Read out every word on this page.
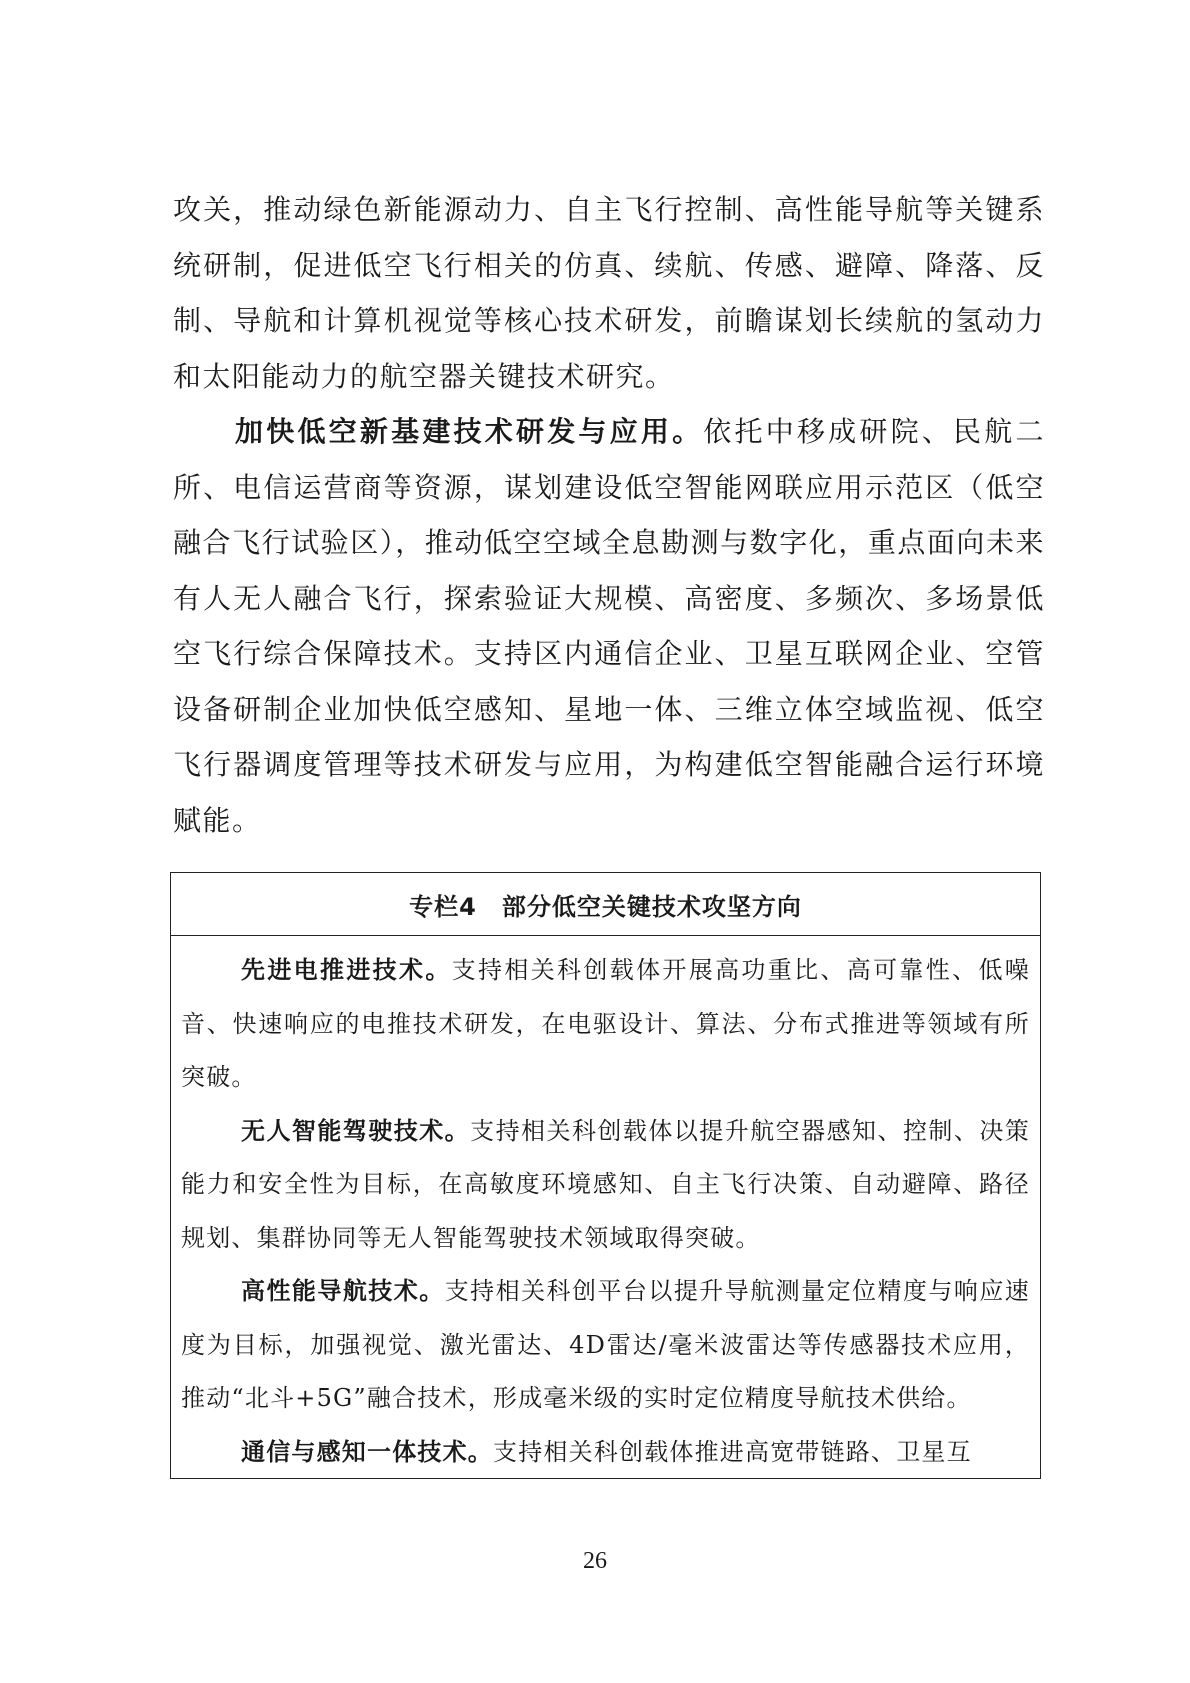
攻关，推动绿色新能源动力、自主飞行控制、高性能导航等关键系统研制，促进低空飞行相关的仿真、续航、传感、避障、降落、反制、导航和计算机视觉等核心技术研发，前瞻谋划长续航的氢动力和太阳能动力的航空器关键技术研究。

加快低空新基建技术研发与应用。依托中移成研院、民航二所、电信运营商等资源，谋划建设低空智能网联应用示范区（低空融合飞行试验区），推动低空空域全息勘测与数字化，重点面向未来有人无人融合飞行，探索验证大规模、高密度、多频次、多场景低空飞行综合保障技术。支持区内通信企业、卫星互联网企业、空管设备研制企业加快低空感知、星地一体、三维立体空域监视、低空飞行器调度管理等技术研发与应用，为构建低空智能融合运行环境赋能。

专栏4　部分低空关键技术攻坚方向

先进电推进技术。支持相关科创载体开展高功重比、高可靠性、低噪音、快速响应的电推技术研发，在电驱设计、算法、分布式推进等领域有所突破。

无人智能驾驶技术。支持相关科创载体以提升航空器感知、控制、决策能力和安全性为目标，在高敏度环境感知、自主飞行决策、自动避障、路径规划、集群协同等无人智能驾驶技术领域取得突破。

高性能导航技术。支持相关科创平台以提升导航测量定位精度与响应速度为目标，加强视觉、激光雷达、4D雷达/毫米波雷达等传感器技术应用，推动“北斗+5G”融合技术，形成毫米级的实时定位精度导航技术供给。

通信与感知一体技术。支持相关科创载体推进高宽带链路、卫星互

26
